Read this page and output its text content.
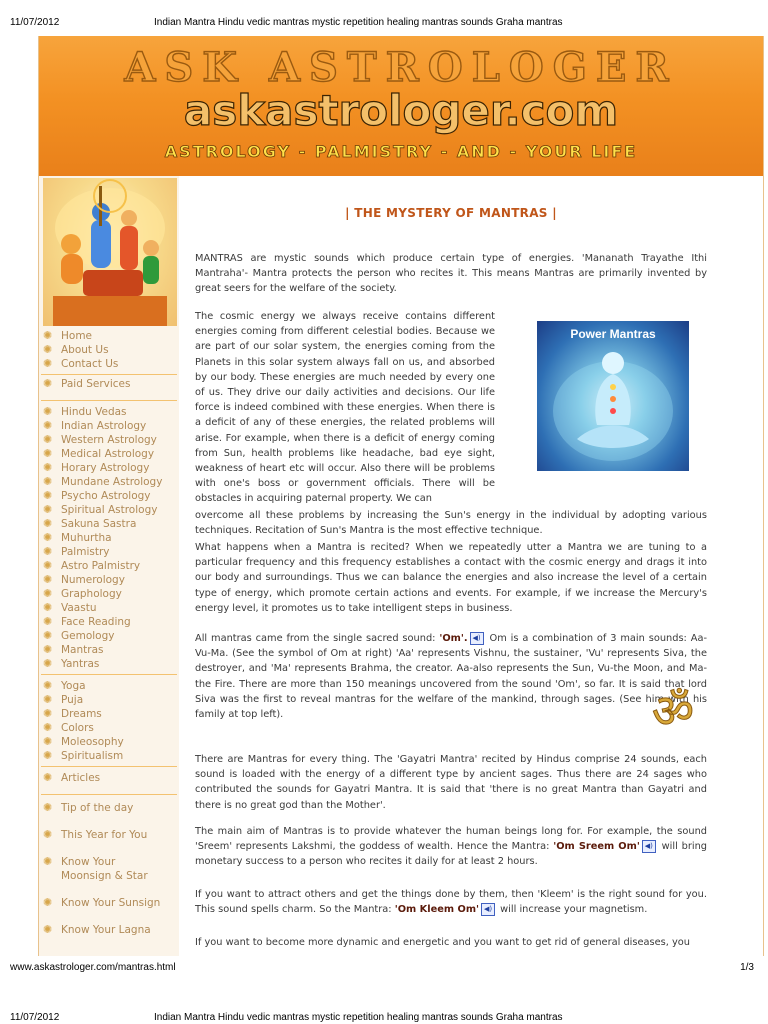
11/07/2012	Indian Mantra Hindu vedic mantras mystic repetition healing mantras sounds Graha mantras
ASK ASTROLOGER
askastrologer.com
ASTROLOGY - PALMISTRY - AND - YOUR LIFE
✺ Home
✺ About Us
✺ Contact Us
✺ Paid Services
✺ Hindu Vedas
✺ Indian Astrology
✺ Western Astrology
✺ Medical Astrology
✺ Horary Astrology
✺ Mundane Astrology
✺ Psycho Astrology
✺ Spiritual Astrology
✺ Sakuna Sastra
✺ Muhurtha
✺ Palmistry
✺ Astro Palmistry
✺ Numerology
✺ Graphology
✺ Vaastu
✺ Face Reading
✺ Gemology
✺ Mantras
✺ Yantras
✺ Yoga
✺ Puja
✺ Dreams
✺ Colors
✺ Moleosophy
✺ Spiritualism
✺ Articles
✺ Tip of the day
✺ This Year for You
✺ Know Your
Moonsign & Star
✺ Know Your Sunsign
✺ Know Your Lagna
| THE MYSTERY OF MANTRAS |

MANTRAS are mystic sounds which produce certain type of energies. 'Mananath Trayathe Ithi Mantraha'- Mantra protects the person who recites it. This means Mantras are primarily invented by great seers for the welfare of the society.

The cosmic energy we always receive contains different energies coming from different celestial bodies. Because we are part of our solar system, the energies coming from the Planets in this solar system always fall on us, and absorbed by our body. These energies are much needed by every one of us. They drive our daily activities and decisions. Our life force is indeed combined with these energies. When there is a deficit of any of these energies, the related problems will arise. For example, when there is a deficit of energy coming from Sun, health problems like headache, bad eye sight, weakness of heart etc will occur. Also there will be problems with one's boss or government officials. There will be obstacles in acquiring paternal property. We can

overcome all these problems by increasing the Sun's energy in the individual by adopting various techniques. Recitation of Sun's Mantra is the most effective technique.

What happens when a Mantra is recited? When we repeatedly utter a Mantra we are tuning to a particular frequency and this frequency establishes a contact with the cosmic energy and drags it into our body and surroundings. Thus we can balance the energies and also increase the level of a certain type of energy, which promote certain actions and events. For example, if we increase the Mercury's energy level, it promotes us to take intelligent steps in business.

All mantras came from the single sacred sound: 'Om'. ◀) Om is a combination of 3 main sounds: Aa-Vu-Ma. (See the symbol of Om at right) 'Aa' represents Vishnu, the sustainer, 'Vu' represents Siva, the destroyer, and 'Ma' represents Brahma, the creator. Aa-also represents the Sun, Vu-the Moon, and Ma-the Fire. There are more than 150 meanings uncovered from the sound 'Om', so far. It is said that lord Siva was the first to reveal mantras for the welfare of the mankind, through sages. (See him with his family at top left).

There are Mantras for every thing. The 'Gayatri Mantra' recited by Hindus comprise 24 sounds, each sound is loaded with the energy of a different type by ancient sages. Thus there are 24 sages who contributed the sounds for Gayatri Mantra. It is said that 'there is no great Mantra than Gayatri and there is no great god than the Mother'.

The main aim of Mantras is to provide whatever the human beings long for. For example, the sound 'Sreem' represents Lakshmi, the goddess of wealth. Hence the Mantra: 'Om Sreem Om' ◀) will bring monetary success to a person who recites it daily for at least 2 hours.

If you want to attract others and get the things done by them, then 'Kleem' is the right sound for you. This sound spells charm. So the Mantra: 'Om Kleem Om' ◀) will increase your magnetism.

If you want to become more dynamic and energetic and you want to get rid of general diseases, you

Power Mantras
ॐ
www.askastrologer.com/mantras.html	1/3
11/07/2012	Indian Mantra Hindu vedic mantras mystic repetition healing mantras sounds Graha mantras
